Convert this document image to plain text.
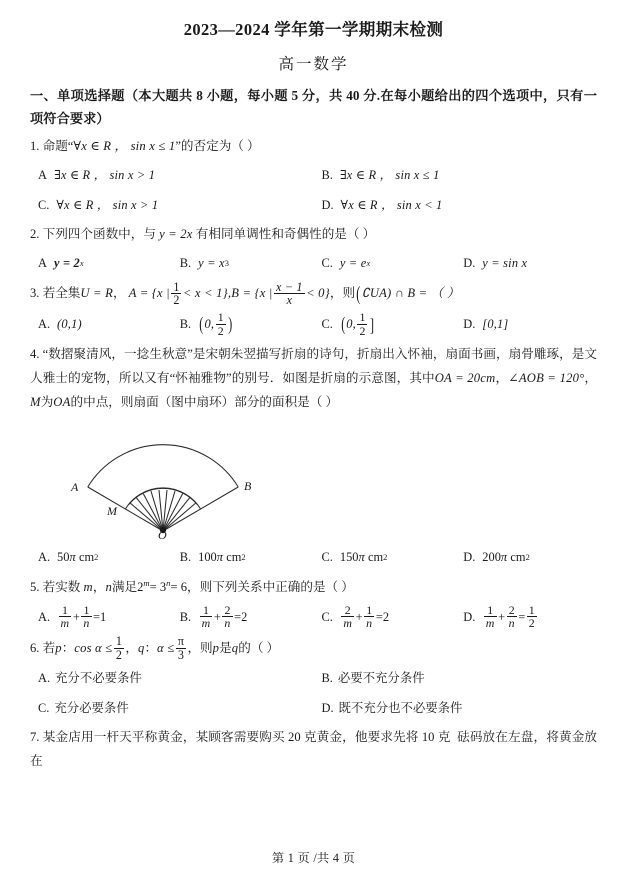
2023—2024 学年第一学期期末检测
高一数学
一、单项选择题（本大题共 8 小题，每小题 5 分，共 40 分.在每小题给出的四个选项中，只有一项符合要求）
1. 命题“∀x ∈ R ， sin x ≤ 1”的否定为（ ）
A ∃x ∈ R ， sin x > 1	B. ∃x ∈ R ， sin x ≤ 1
C. ∀x ∈ R ， sin x > 1	D. ∀x ∈ R ， sin x < 1
2. 下列四个函数中，与 y = 2x 有相同单调性和奇偶性的是（ ）
A y = 2 x	B. y = x 3	C. y = e x	D. y = sin x
3. 若全集U = R， A = {x | $\frac{1}{2} < x < 1\},B = \{x$ | $\frac{x - 1}{x} < 0$}，则(∁UA) ∩ B = （ ）
A. (0,1)	B. ( 0, $\frac{1}{2}$ )	C. ( 0, $\frac{1}{2}$ ]	D. [0,1]
4. “数摺聚清风，一捻生秋意”是宋朝朱翌描写折扇的诗句，折扇出入怀袖，扇面书画，扇骨雕琢，是文 人雅士的宠物，所以又有“怀袖雅物”的别号．如图是折扇的示意图，其中OA = 20cm，∠AOB = 120°， M为OA的中点，则扇面（图中扇环）部分的面积是（ ）
A	B
M
O
A. 50 π
cm 2	B. 100 π
cm 2	C. 150 π
cm 2	D. 200 π
cm 2
5. 若实数 m，n满足$2^m= 3^n= 6$，则下列关系中正确的是（ ）
A. $\frac{1}{m} + \frac{1}{n} = 1$	B. $\frac{1}{m} + \frac{2}{n} = 2$	C. $\frac{2}{m} + \frac{1}{n} = 2$	D. $\frac{1}{m} + \frac{2}{n} = \frac{1}{2}$
6. 若p：$\cos \alpha \le \frac{1}{2}$ ，q：$\alpha \le \frac{\pi}{3}$ ，则p是q的（ ）
A. 充分不必要条件	B. 必要不充分条件
C. 充分必要条件	D. 既不充分也不必要条件
7. 某金店用一杆天平称黄金，某顾客需要购买 20 克黄金，他要求先将 10 克 砝码放在左盘，将黄金放在
第 1 页 /共 4 页
